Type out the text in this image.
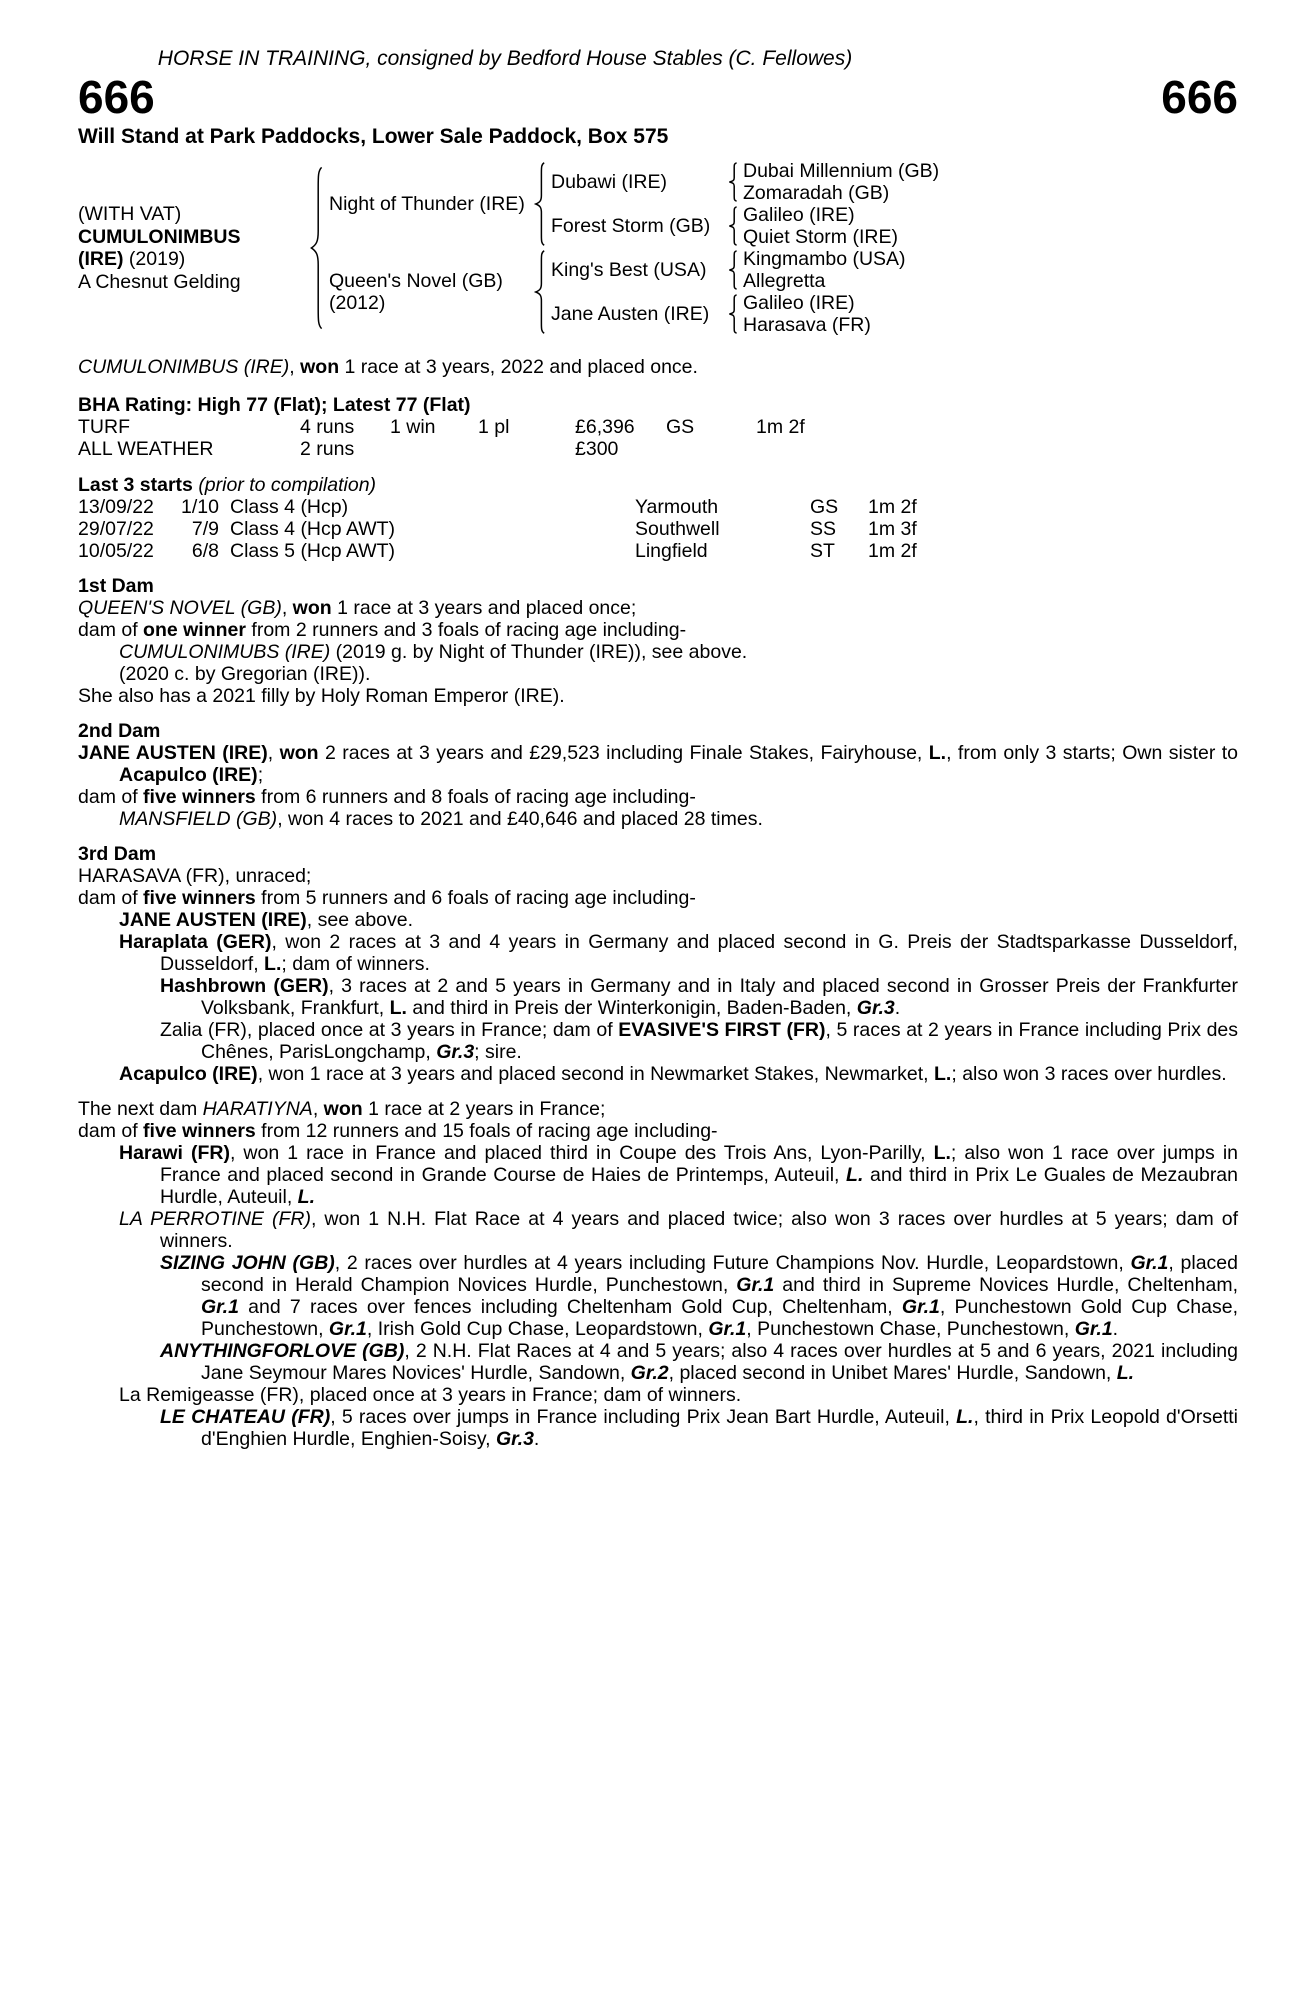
HORSE IN TRAINING, consigned by Bedford House Stables (C. Fellowes)
666	666
Will Stand at Park Paddocks, Lower Sale Paddock, Box 575
(WITH VAT)
CUMULONIMBUS
(IRE) (2019)
A Chesnut Gelding
Night of Thunder (IRE)
Dubawi (IRE)	Dubai Millennium (GB)
Zomaradah (GB)
Forest Storm (GB)	Galileo (IRE)
Quiet Storm (IRE)
Queen's Novel (GB)
(2012)
King's Best (USA)	Kingmambo (USA)
Allegretta
Jane Austen (IRE)	Galileo (IRE)
Harasava (FR)
CUMULONIMBUS (IRE), won 1 race at 3 years, 2022 and placed once.
BHA Rating: High 77 (Flat); Latest 77 (Flat)
TURF	4 runs	1 win	1 pl	£6,396	GS	1m 2f
ALL WEATHER	2 runs	£300
Last 3 starts (prior to compilation)
13/09/22	1/10 Class 4 (Hcp)	Yarmouth	GS	1m 2f
29/07/22	7/9 Class 4 (Hcp AWT)	Southwell	SS	1m 3f
10/05/22	6/8 Class 5 (Hcp AWT)	Lingfield	ST	1m 2f
1st Dam
QUEEN'S NOVEL (GB), won 1 race at 3 years and placed once;
dam of one winner from 2 runners and 3 foals of racing age including-
CUMULONIMUBS (IRE) (2019 g. by Night of Thunder (IRE)), see above.
(2020 c. by Gregorian (IRE)).
She also has a 2021 filly by Holy Roman Emperor (IRE).
2nd Dam
JANE AUSTEN (IRE), won 2 races at 3 years and £29,523 including Finale Stakes, Fairyhouse, L., from only 3 starts; Own sister to Acapulco (IRE);
dam of five winners from 6 runners and 8 foals of racing age including-
MANSFIELD (GB), won 4 races to 2021 and £40,646 and placed 28 times.
3rd Dam
HARASAVA (FR), unraced;
dam of five winners from 5 runners and 6 foals of racing age including-
JANE AUSTEN (IRE), see above.
Haraplata (GER), won 2 races at 3 and 4 years in Germany and placed second in G. Preis der Stadtsparkasse Dusseldorf, Dusseldorf, L.; dam of winners.
Hashbrown (GER), 3 races at 2 and 5 years in Germany and in Italy and placed second in Grosser Preis der Frankfurter Volksbank, Frankfurt, L. and third in Preis der Winterkonigin, Baden-Baden, Gr.3.
Zalia (FR), placed once at 3 years in France; dam of EVASIVE'S FIRST (FR), 5 races at 2 years in France including Prix des Chênes, ParisLongchamp, Gr.3; sire.
Acapulco (IRE), won 1 race at 3 years and placed second in Newmarket Stakes, Newmarket, L.; also won 3 races over hurdles.
The next dam HARATIYNA, won 1 race at 2 years in France;
dam of five winners from 12 runners and 15 foals of racing age including-
Harawi (FR), won 1 race in France and placed third in Coupe des Trois Ans, Lyon-Parilly, L.; also won 1 race over jumps in France and placed second in Grande Course de Haies de Printemps, Auteuil, L. and third in Prix Le Guales de Mezaubran Hurdle, Auteuil, L.
LA PERROTINE (FR), won 1 N.H. Flat Race at 4 years and placed twice; also won 3 races over hurdles at 5 years; dam of winners.
SIZING JOHN (GB), 2 races over hurdles at 4 years including Future Champions Nov. Hurdle, Leopardstown, Gr.1, placed second in Herald Champion Novices Hurdle, Punchestown, Gr.1 and third in Supreme Novices Hurdle, Cheltenham, Gr.1 and 7 races over fences including Cheltenham Gold Cup, Cheltenham, Gr.1, Punchestown Gold Cup Chase, Punchestown, Gr.1, Irish Gold Cup Chase, Leopardstown, Gr.1, Punchestown Chase, Punchestown, Gr.1.
ANYTHINGFORLOVE (GB), 2 N.H. Flat Races at 4 and 5 years; also 4 races over hurdles at 5 and 6 years, 2021 including Jane Seymour Mares Novices' Hurdle, Sandown, Gr.2, placed second in Unibet Mares' Hurdle, Sandown, L.
La Remigeasse (FR), placed once at 3 years in France; dam of winners.
LE CHATEAU (FR), 5 races over jumps in France including Prix Jean Bart Hurdle, Auteuil, L., third in Prix Leopold d'Orsetti d'Enghien Hurdle, Enghien-Soisy, Gr.3.
